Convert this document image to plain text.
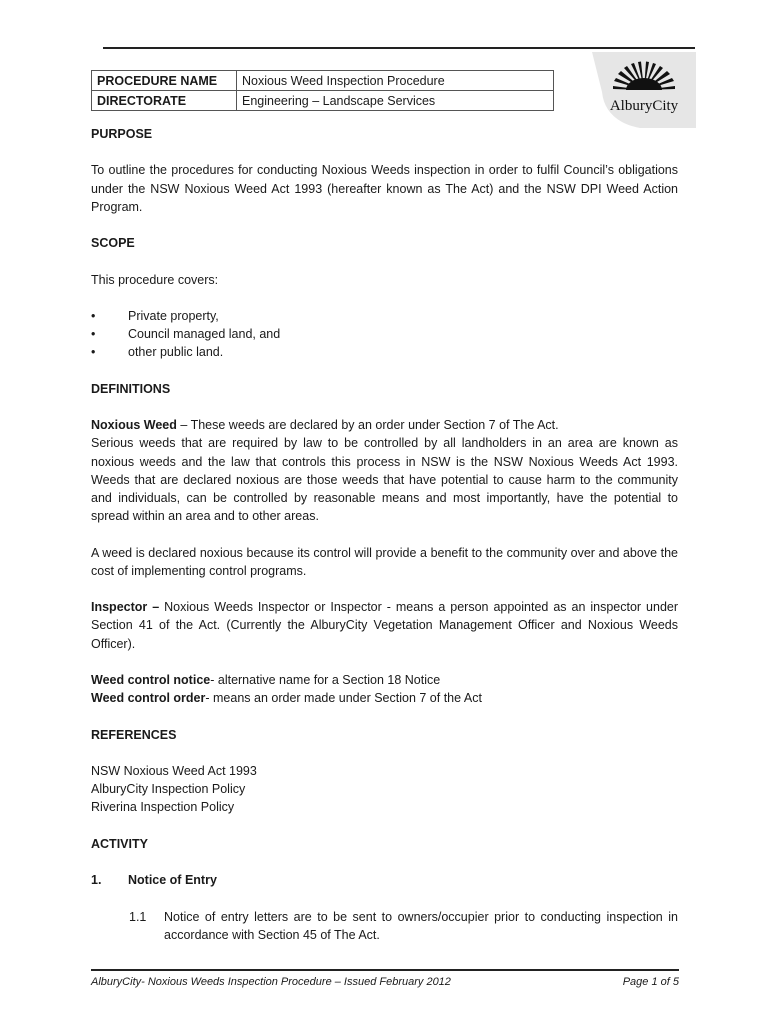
PROCEDURE NAME	Noxious Weed Inspection Procedure
DIRECTORATE	Engineering – Landscape Services	AlburyCity

PURPOSE

To outline the procedures for conducting Noxious Weeds inspection in order to fulfil Council’s obligations under the NSW Noxious Weed Act 1993 (hereafter known as The Act) and the NSW DPI Weed Action Program.

SCOPE

This procedure covers:

• Private property,
• Council managed land, and
• other public land.

DEFINITIONS

Noxious Weed – These weeds are declared by an order under Section 7 of The Act.

Serious weeds that are required by law to be controlled by all landholders in an area are known as noxious weeds and the law that controls this process in NSW is the NSW Noxious Weeds Act 1993. Weeds that are declared noxious are those weeds that have potential to cause harm to the community and individuals, can be controlled by reasonable means and most importantly, have the potential to spread within an area and to other areas.

A weed is declared noxious because its control will provide a benefit to the community over and above the cost of implementing control programs.

Inspector – Noxious Weeds Inspector or Inspector - means a person appointed as an inspector under Section 41 of the Act. (Currently the AlburyCity Vegetation Management Officer and Noxious Weeds Officer).

Weed control notice- alternative name for a Section 18 Notice

Weed control order- means an order made under Section 7 of the Act

REFERENCES

NSW Noxious Weed Act 1993

AlburyCity Inspection Policy

Riverina Inspection Policy

ACTIVITY

1.	Notice of Entry
1.1	Notice of entry letters are to be sent to owners/occupier prior to conducting inspection in accordance with Section 45 of The Act.
AlburyCity- Noxious Weeds Inspection Procedure – Issued February 2012	Page 1 of 5
